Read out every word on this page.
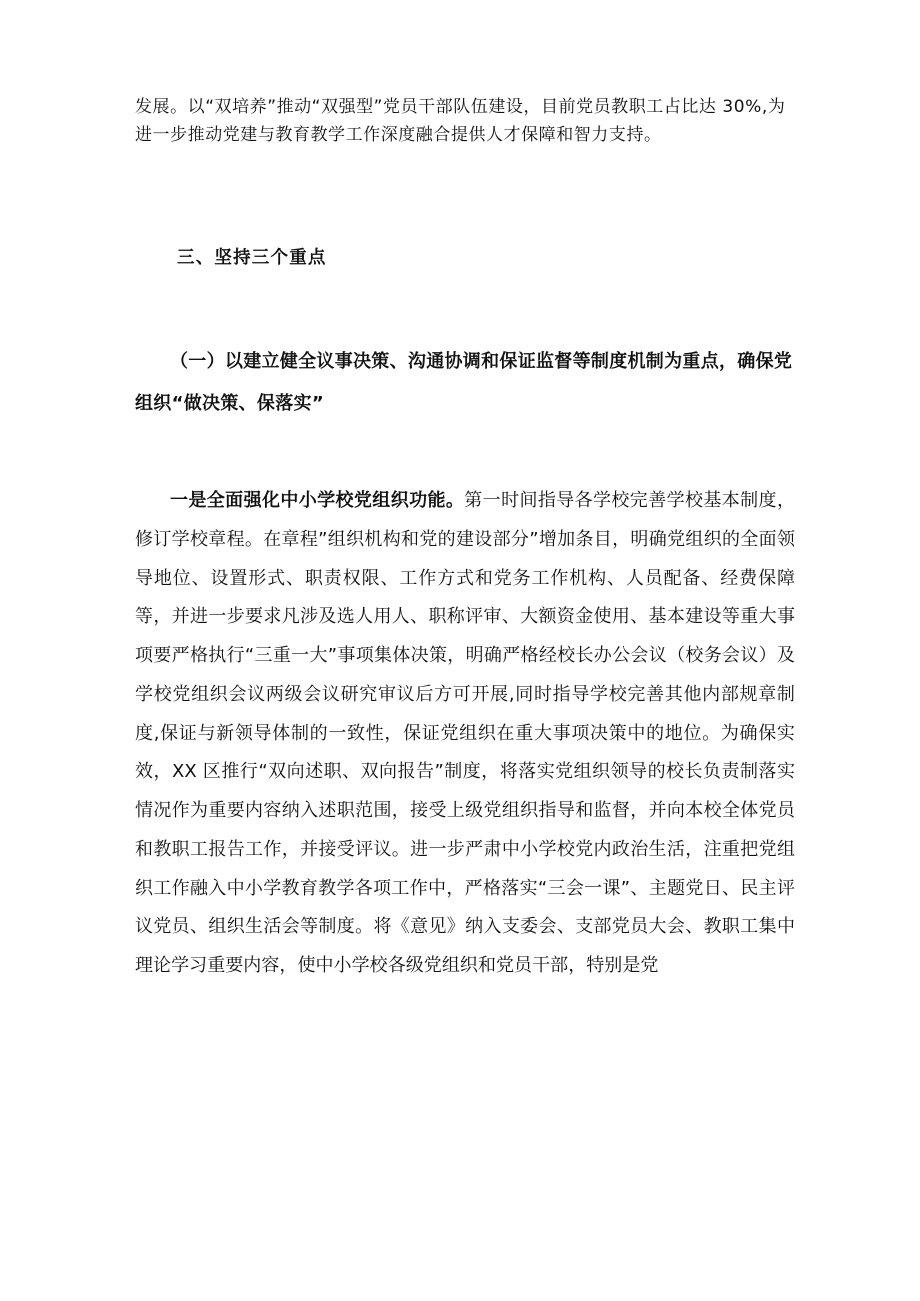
发展。以“双培养”推动“双强型”党员干部队伍建设，目前党员教职工占比达 30%,为进一步推动党建与教育教学工作深度融合提供人才保障和智力支持。

三、坚持三个重点

（一）以建立健全议事决策、沟通协调和保证监督等制度机制为重点，确保党组织“做决策、保落实”

一是全面强化中小学校党组织功能。第一时间指导各学校完善学校基本制度，修订学校章程。在章程”组织机构和党的建设部分”增加条目，明确党组织的全面领导地位、设置形式、职责权限、工作方式和党务工作机构、人员配备、经费保障等，并进一步要求凡涉及选人用人、职称评审、大额资金使用、基本建设等重大事项要严格执行“三重一大”事项集体决策，明确严格经校长办公会议（校务会议）及学校党组织会议两级会议研究审议后方可开展,同时指导学校完善其他内部规章制度,保证与新领导体制的一致性，保证党组织在重大事项决策中的地位。为确保实效，XX 区推行“双向述职、双向报告”制度，将落实党组织领导的校长负责制落实情况作为重要内容纳入述职范围，接受上级党组织指导和监督，并向本校全体党员和教职工报告工作，并接受评议。进一步严肃中小学校党内政治生活，注重把党组织工作融入中小学教育教学各项工作中，严格落实“三会一课”、主题党日、民主评议党员、组织生活会等制度。将《意见》纳入支委会、支部党员大会、教职工集中理论学习重要内容，使中小学校各级党组织和党员干部，特别是党
